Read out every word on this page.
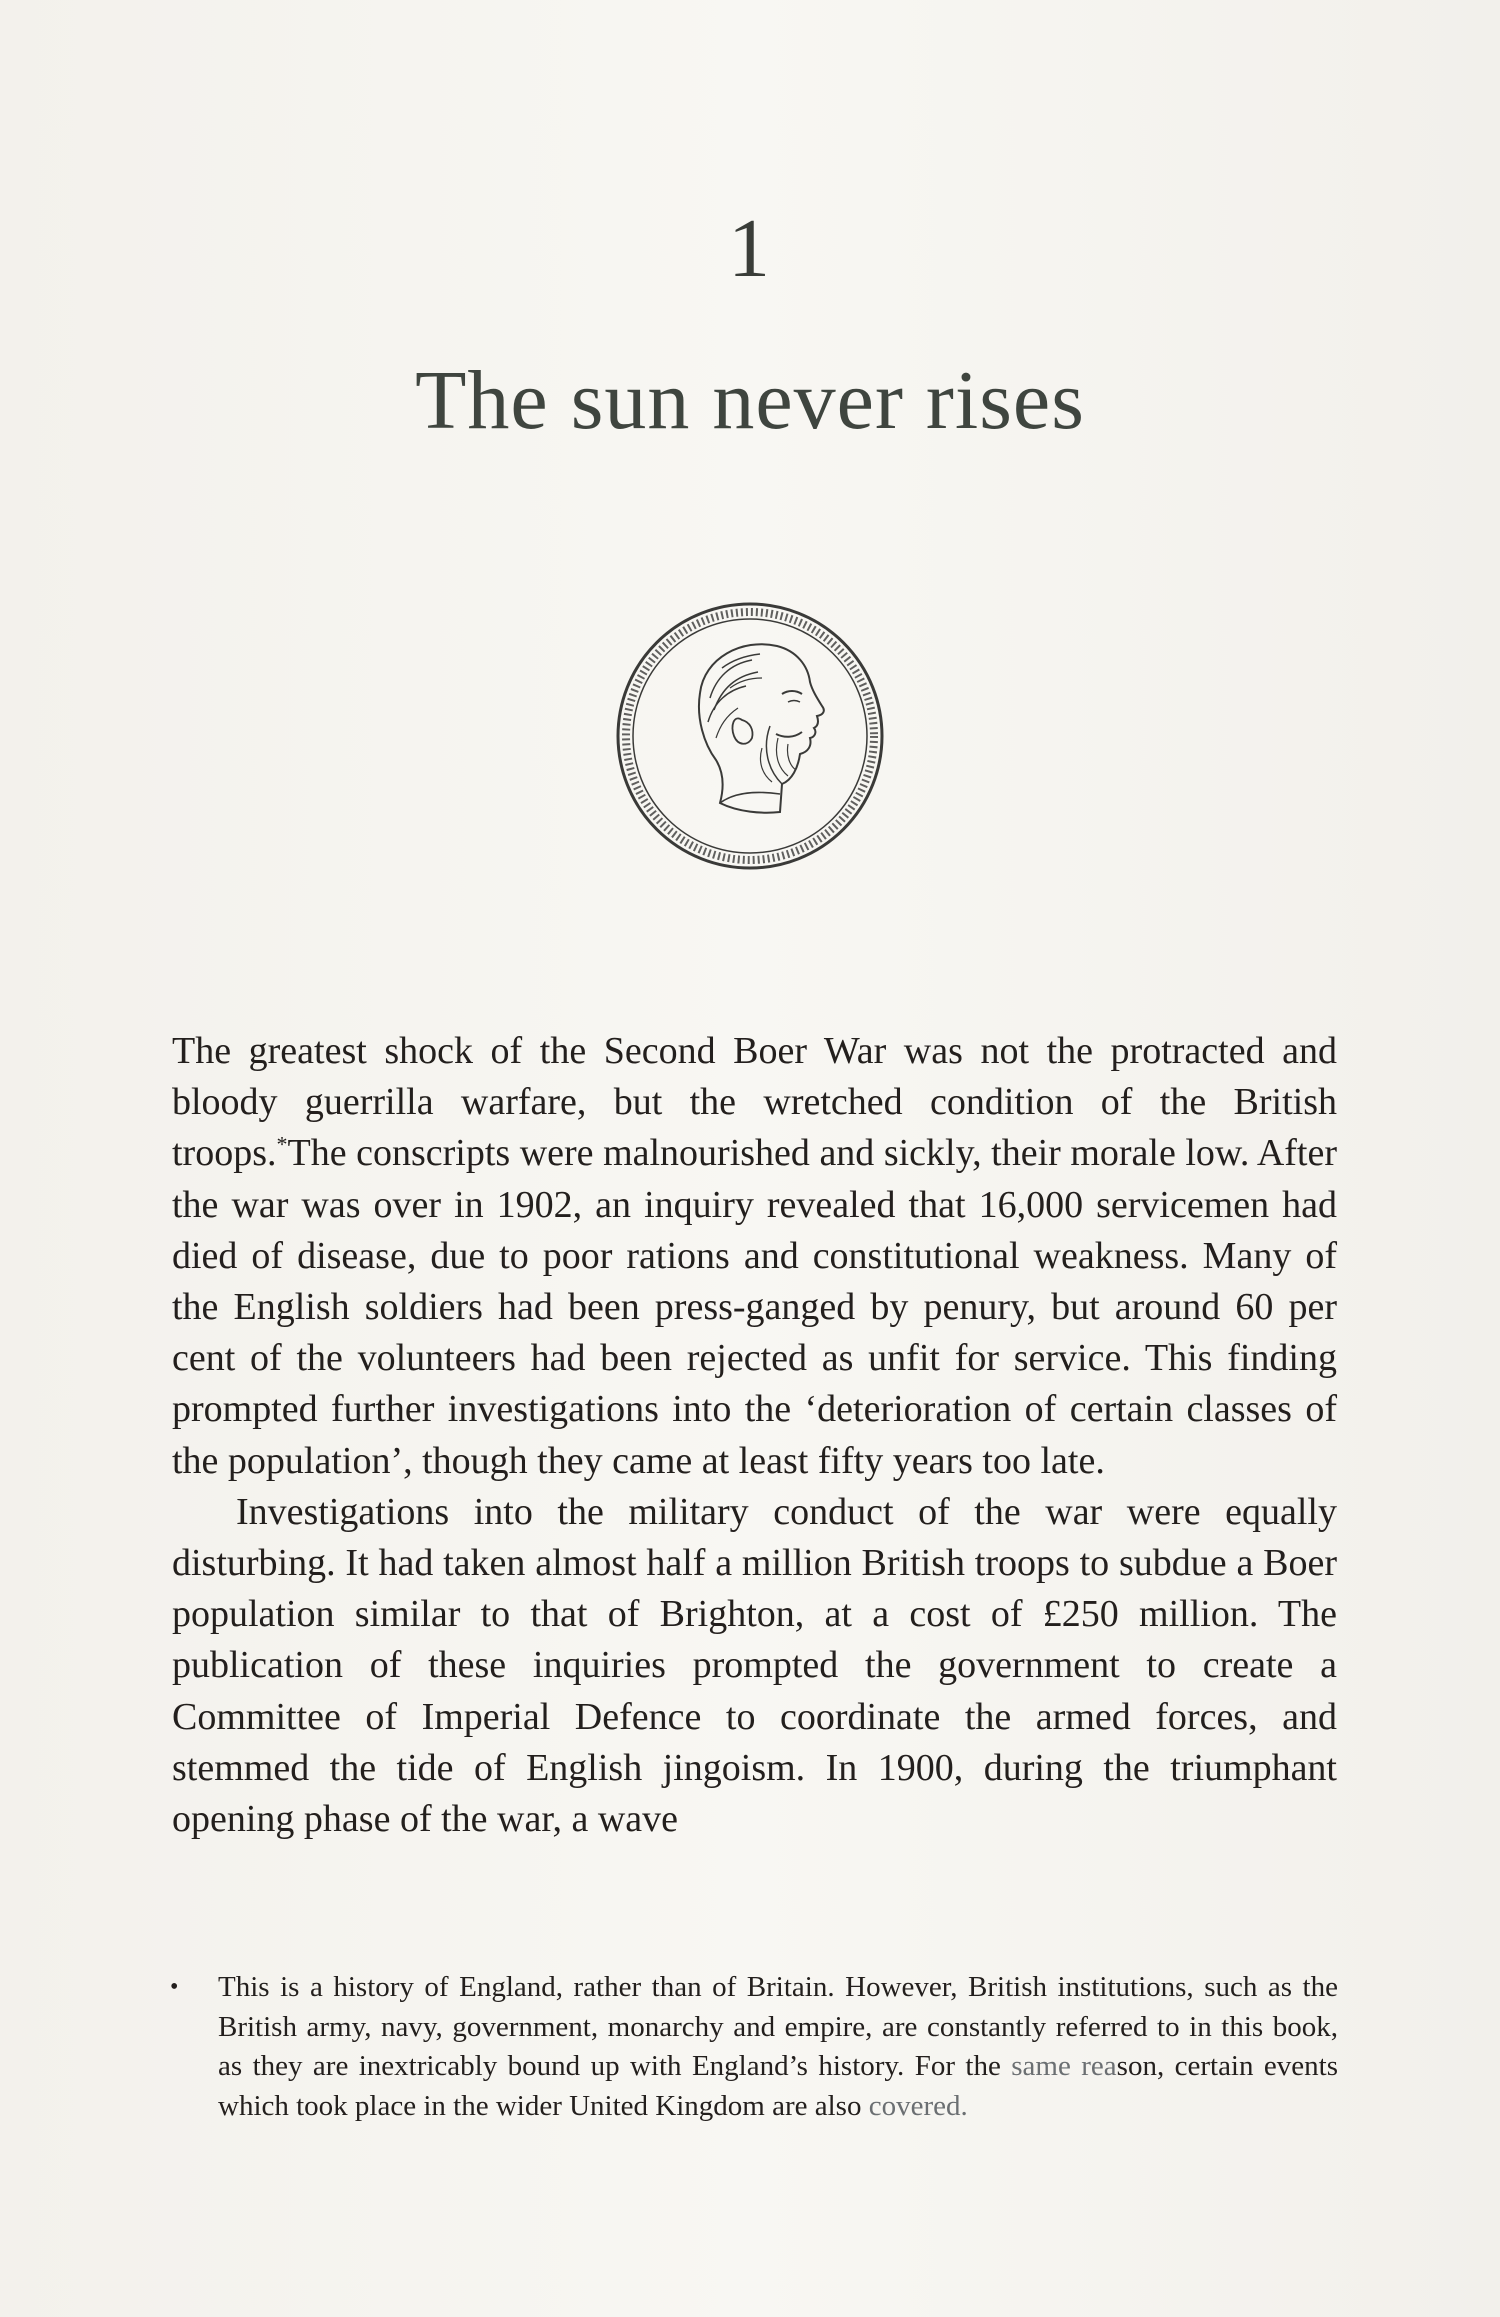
1
The sun never rises

The greatest shock of the Second Boer War was not the protracted and bloody guerrilla warfare, but the wretched condition of the British troops.*The conscripts were malnourished and sickly, their morale low. After the war was over in 1902, an inquiry revealed that 16,000 servicemen had died of disease, due to poor rations and constitutional weakness. Many of the English soldiers had been press-ganged by penury, but around 60 per cent of the volunteers had been rejected as unfit for service. This finding prompted further investigations into the ‘deterioration of certain classes of the population’, though they came at least fifty years too late.

Investigations into the military conduct of the war were equally disturbing. It had taken almost half a million British troops to subdue a Boer population similar to that of Brighton, at a cost of £250 million. The publication of these inquiries prompted the government to create a Committee of Imperial Defence to coordinate the armed forces, and stemmed the tide of English jingoism. In 1900, during the triumphant opening phase of the war, a wave

• This is a history of England, rather than of Britain. However, British institutions, such as the British army, navy, government, monarchy and empire, are constantly referred to in this book, as they are inextricably bound up with England’s history. For the same reason, certain events which took place in the wider United Kingdom are also covered.
